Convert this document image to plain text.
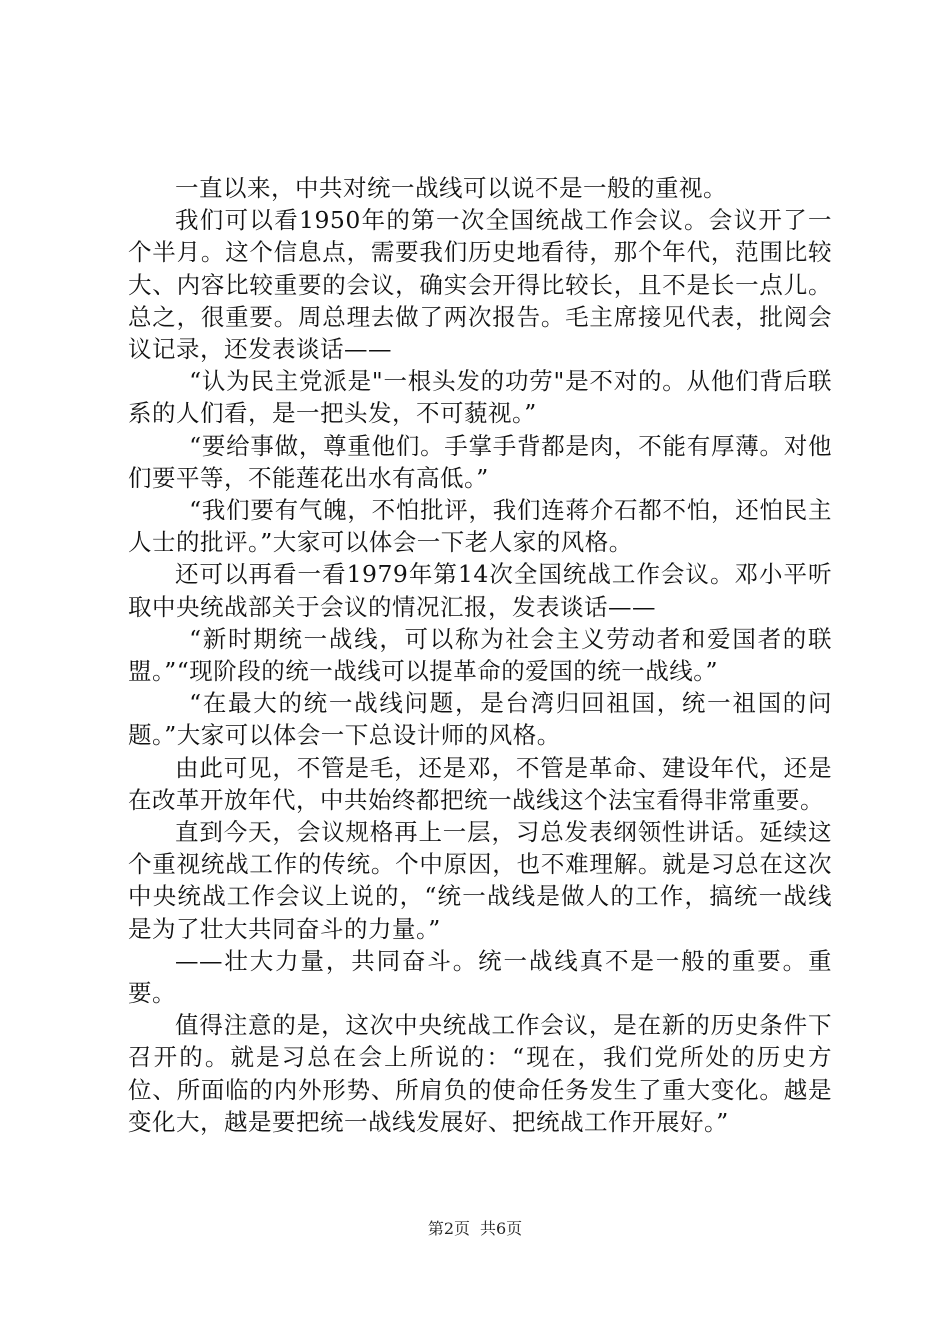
一直以来，中共对统一战线可以说不是一般的重视。

我们可以看1950年的第一次全国统战工作会议。会议开了一个半月。这个信息点，需要我们历史地看待，那个年代，范围比较大、内容比较重要的会议，确实会开得比较长，且不是长一点儿。总之，很重要。周总理去做了两次报告。毛主席接见代表，批阅会议记录，还发表谈话——

“认为民主党派是"一根头发的功劳"是不对的。从他们背后联系的人们看，是一把头发，不可藐视。”

“要给事做，尊重他们。手掌手背都是肉，不能有厚薄。对他们要平等，不能莲花出水有高低。”

“我们要有气魄，不怕批评，我们连蒋介石都不怕，还怕民主人士的批评。”大家可以体会一下老人家的风格。

还可以再看一看1979年第14次全国统战工作会议。邓小平听取中央统战部关于会议的情况汇报，发表谈话——

“新时期统一战线，可以称为社会主义劳动者和爱国者的联盟。”“现阶段的统一战线可以提革命的爱国的统一战线。”

“在最大的统一战线问题，是台湾归回祖国，统一祖国的问题。”大家可以体会一下总设计师的风格。

由此可见，不管是毛，还是邓，不管是革命、建设年代，还是在改革开放年代，中共始终都把统一战线这个法宝看得非常重要。

直到今天，会议规格再上一层，习总发表纲领性讲话。延续这个重视统战工作的传统。个中原因，也不难理解。就是习总在这次中央统战工作会议上说的，“统一战线是做人的工作，搞统一战线是为了壮大共同奋斗的力量。”

——壮大力量，共同奋斗。统一战线真不是一般的重要。重要。

值得注意的是，这次中央统战工作会议，是在新的历史条件下召开的。就是习总在会上所说的：“现在，我们党所处的历史方位、所面临的内外形势、所肩负的使命任务发生了重大变化。越是变化大，越是要把统一战线发展好、把统战工作开展好。”

第2页 共6页
